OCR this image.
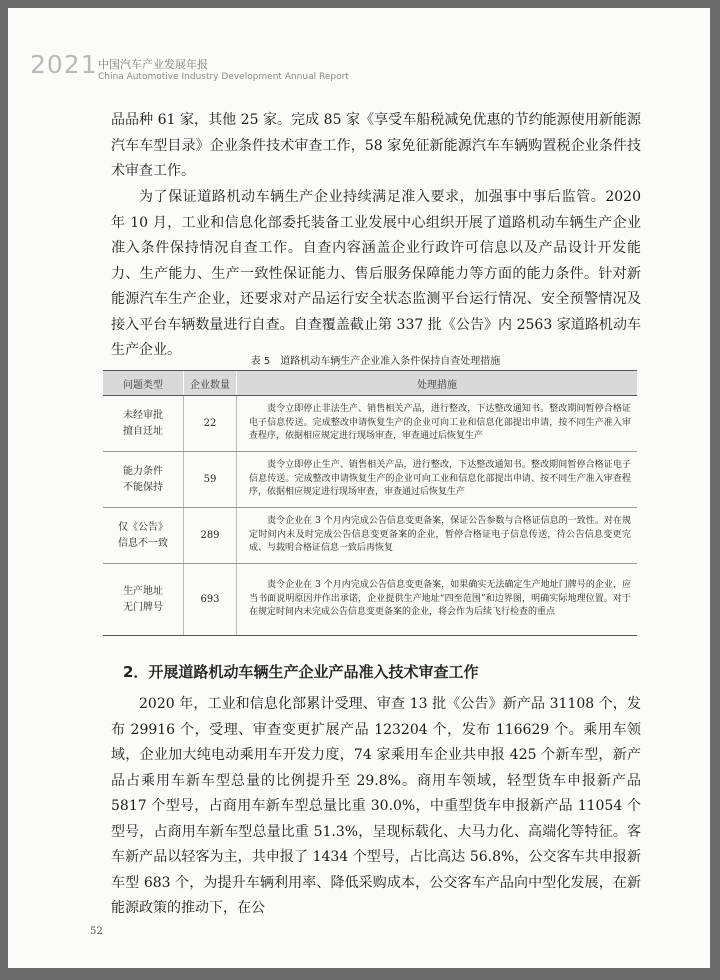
2021 中国汽车产业发展年报
China Automotive Industry Development Annual Report

品品种 61 家，其他 25 家。完成 85 家《享受车船税减免优惠的节约能源使用新能源汽车车型目录》企业条件技术审查工作，58 家免征新能源汽车车辆购置税企业条件技术审查工作。

为了保证道路机动车辆生产企业持续满足准入要求，加强事中事后监管。2020 年 10 月，工业和信息化部委托装备工业发展中心组织开展了道路机动车辆生产企业准入条件保持情况自查工作。自查内容涵盖企业行政许可信息以及产品设计开发能力、生产能力、生产一致性保证能力、售后服务保障能力等方面的能力条件。针对新能源汽车生产企业，还要求对产品运行安全状态监测平台运行情况、安全预警情况及接入平台车辆数量进行自查。自查覆盖截止第 337 批《公告》内 2563 家道路机动车生产企业。

表 5　道路机动车辆生产企业准入条件保持自查处理措施
问题类型	企业数量	处理措施

未经审批
擅自迁址	22	责令立即停止非法生产、销售相关产品，进行整改，下达整改通知书。整改期间暂停合格证电子信息传送。完成整改申请恢复生产的企业可向工业和信息化部提出申请，按不同生产准入审查程序，依据相应规定进行现场审查，审查通过后恢复生产

能力条件
不能保持	59	责令立即停止生产、销售相关产品，进行整改，下达整改通知书。整改期间暂停合格证电子信息传送。完成整改申请恢复生产的企业可向工业和信息化部提出申请、按不同生产准入审查程序，依据相应规定进行现场审查，审查通过后恢复生产

仅《公告》
信息不一致	289	责令企业在 3 个月内完成公告信息变更备案，保证公告参数与合格证信息的一致性。对在规定时间内未及时完成公告信息变更备案的企业，暂停合格证电子信息传送，待公告信息变更完成、与载明合格证信息一致后再恢复

生产地址
无门牌号	693	责令企业在 3 个月内完成公告信息变更备案，如果确实无法确定生产地址门牌号的企业，应当书面说明原因并作出承诺，企业提供生产地址“四至范围”和边界图，明确实际地理位置。对于在规定时间内未完成公告信息变更备案的企业，将会作为后续飞行检查的重点
2．开展道路机动车辆生产企业产品准入技术审查工作

2020 年，工业和信息化部累计受理、审查 13 批《公告》新产品 31108 个，发布 29916 个，受理、审查变更扩展产品 123204 个，发布 116629 个。乘用车领域，企业加大纯电动乘用车开发力度，74 家乘用车企业共申报 425 个新车型，新产品占乘用车新车型总量的比例提升至 29.8%。商用车领域，轻型货车申报新产品 5817 个型号，占商用车新车型总量比重 30.0%，中重型货车申报新产品 11054 个型号，占商用车新车型总量比重 51.3%，呈现标载化、大马力化、高端化等特征。客车新产品以轻客为主，共申报了 1434 个型号，占比高达 56.8%，公交客车共申报新车型 683 个，为提升车辆利用率、降低采购成本，公交客车产品向中型化发展，在新能源政策的推动下，在公

52
